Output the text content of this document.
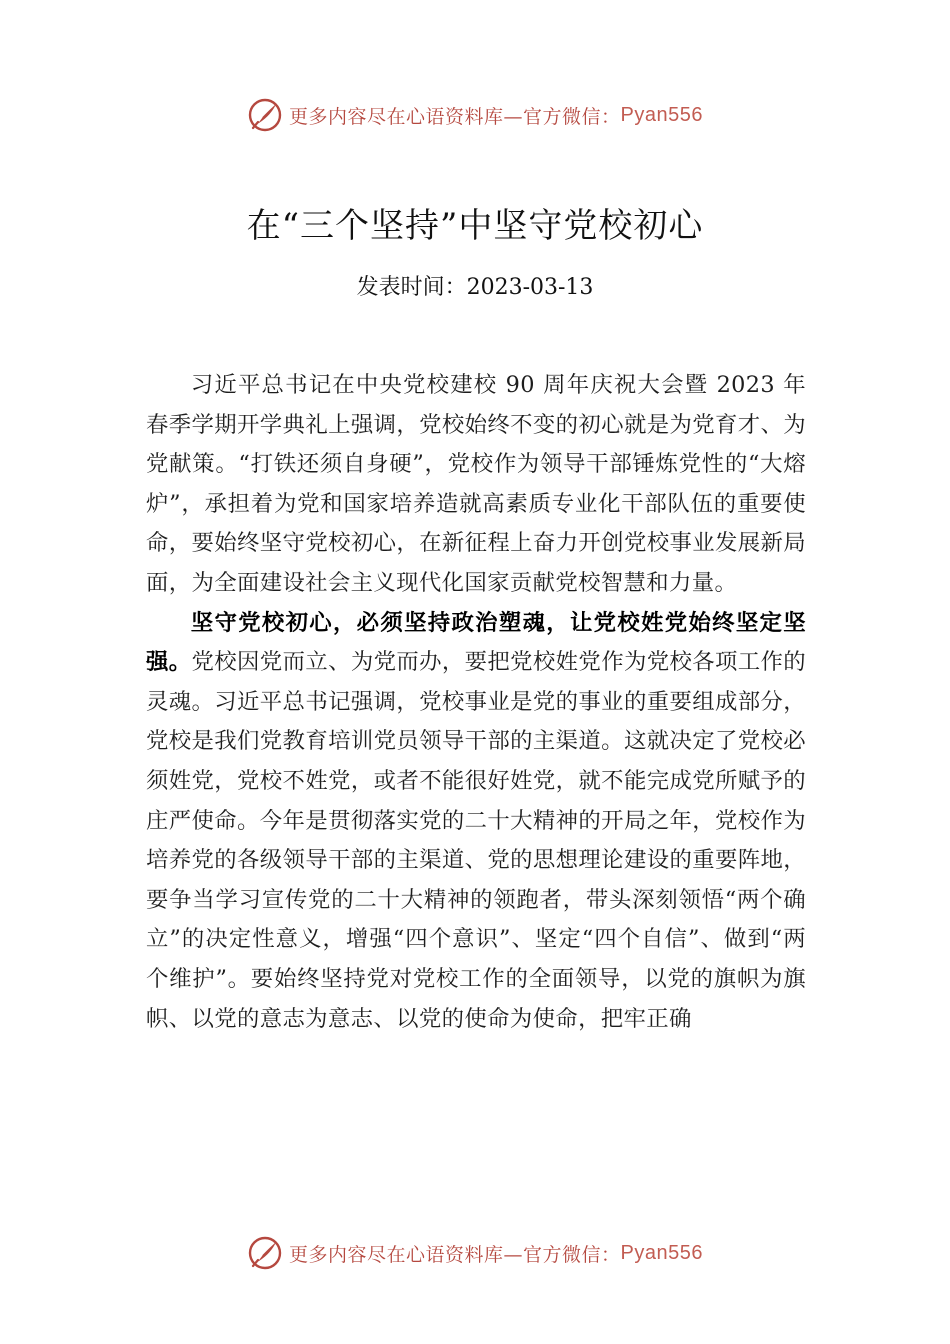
更多内容尽在心语资料库—官方微信： Pyan556
在“三个坚持”中坚守党校初心
发表时间：2023-03-13

习近平总书记在中央党校建校 90 周年庆祝大会暨 2023 年春季学期开学典礼上强调，党校始终不变的初心就是为党育才、为党献策。“打铁还须自身硬”，党校作为领导干部锤炼党性的“大熔炉”，承担着为党和国家培养造就高素质专业化干部队伍的重要使命，要始终坚守党校初心，在新征程上奋力开创党校事业发展新局面，为全面建设社会主义现代化国家贡献党校智慧和力量。

坚守党校初心，必须坚持政治塑魂，让党校姓党始终坚定坚强。党校因党而立、为党而办，要把党校姓党作为党校各项工作的灵魂。习近平总书记强调，党校事业是党的事业的重要组成部分，党校是我们党教育培训党员领导干部的主渠道。这就决定了党校必须姓党，党校不姓党，或者不能很好姓党，就不能完成党所赋予的庄严使命。今年是贯彻落实党的二十大精神的开局之年，党校作为培养党的各级领导干部的主渠道、党的思想理论建设的重要阵地，要争当学习宣传党的二十大精神的领跑者，带头深刻领悟“两个确立”的决定性意义，增强“四个意识”、坚定“四个自信”、做到“两个维护”。要始终坚持党对党校工作的全面领导，以党的旗帜为旗帜、以党的意志为意志、以党的使命为使命，把牢正确

更多内容尽在心语资料库—官方微信： Pyan556
